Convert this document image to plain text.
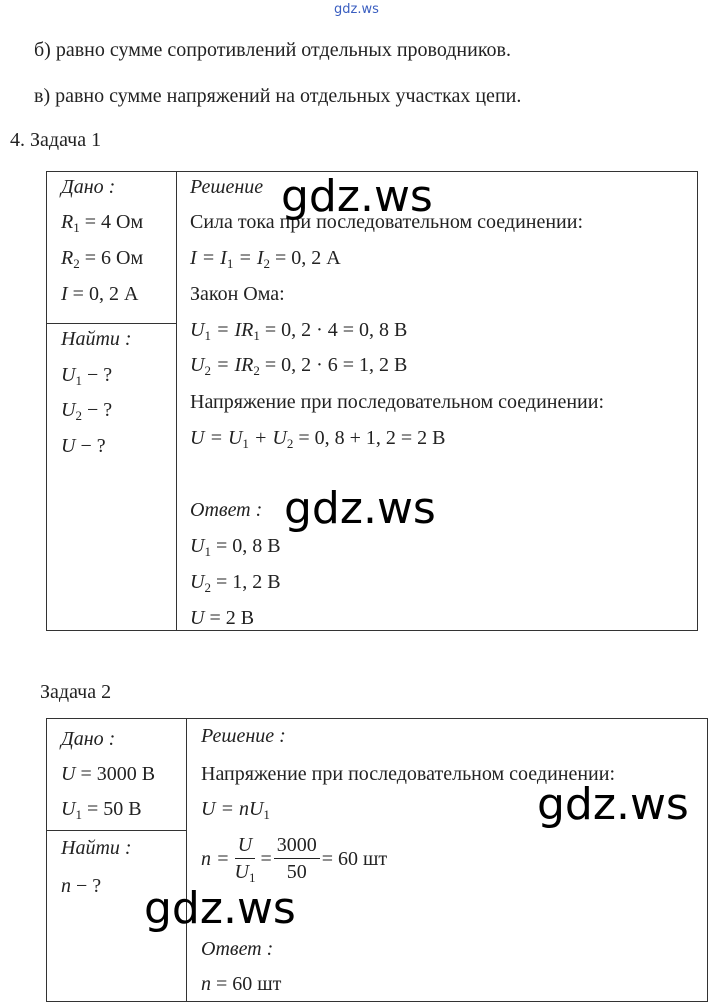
gdz.ws
б) равно сумме сопротивлений отдельных проводников.
в) равно сумме напряжений на отдельных участках цепи.
4. Задача 1
Дано :
$R_1 = 4$ Ом
$R_2 = 6$ Ом
I = 0, 2 А
Найти :
$U_1$ − ?
$U_2$ − ?
U − ?
Решение
Сила тока при последовательном соединении:
$I = I_1 = I_2 = 0$, 2 А
Закон Ома:
$U_1 = IR_1 = 0$, 2 · 4 = 0, 8 В
$U_2 = IR_2 = 0$, 2 · 6 = 1, 2 В
Напряжение при последовательном соединении:
$U = U_1 + U_2 = 0$, 8 + 1, 2 = 2 В
Ответ :
$U_1 = 0$, 8 В
$U_2 = 1$, 2 В
U = 2 В
Задача 2
Дано :
U = 3000 В
$U_1 = 50$ В
Найти :
n − ?
Решение :
Напряжение при последовательном соединении:
$U = nU_1$
$n = \frac{U}{U_1} = \frac{3000}{50} = 60$ шт
Ответ :
n = 60 шт
gdz.ws
gdz.ws
gdz.ws
gdz.ws
